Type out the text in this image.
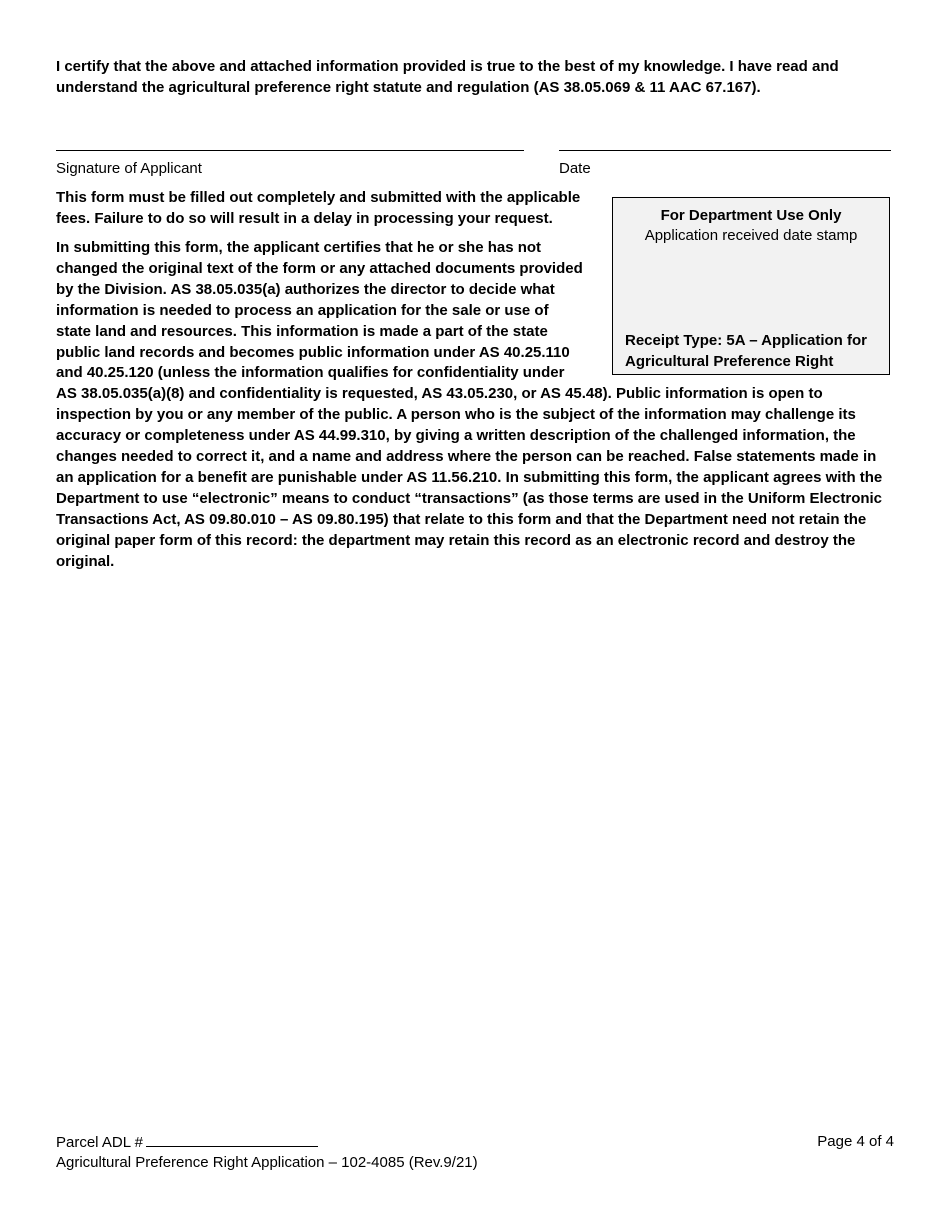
I certify that the above and attached information provided is true to the best of my knowledge. I have read and understand the agricultural preference right statute and regulation (AS 38.05.069 & 11 AAC 67.167).

Signature of Applicant	Date

This form must be filled out completely and submitted with the applicable fees. Failure to do so will result in a delay in processing your request.	For Department Use Only
Application received date stamp
Receipt Type: 5A – Application for Agricultural Preference Right

In submitting this form, the applicant certifies that he or she has not changed the original text of the form or any attached documents provided by the Division. AS 38.05.035(a) authorizes the director to decide what information is needed to process an application for the sale or use of state land and resources. This information is made a part of the state public land records and becomes public information under AS 40.25.110 and 40.25.120 (unless the information qualifies for confidentiality under AS 38.05.035(a)(8) and confidentiality is requested, AS 43.05.230, or AS 45.48). Public information is open to inspection by you or any member of the public. A person who is the subject of the information may challenge its accuracy or completeness under AS 44.99.310, by giving a written description of the challenged information, the changes needed to correct it, and a name and address where the person can be reached. False statements made in an application for a benefit are punishable under AS 11.56.210. In submitting this form, the applicant agrees with the Department to use “electronic” means to conduct “transactions” (as those terms are used in the Uniform Electronic Transactions Act, AS 09.80.010 – AS 09.80.195) that relate to this form and that the Department need not retain the original paper form of this record: the department may retain this record as an electronic record and destroy the original.

Parcel ADL #	Page 4 of 4

Agricultural Preference Right Application – 102-4085 (Rev.9/21)
